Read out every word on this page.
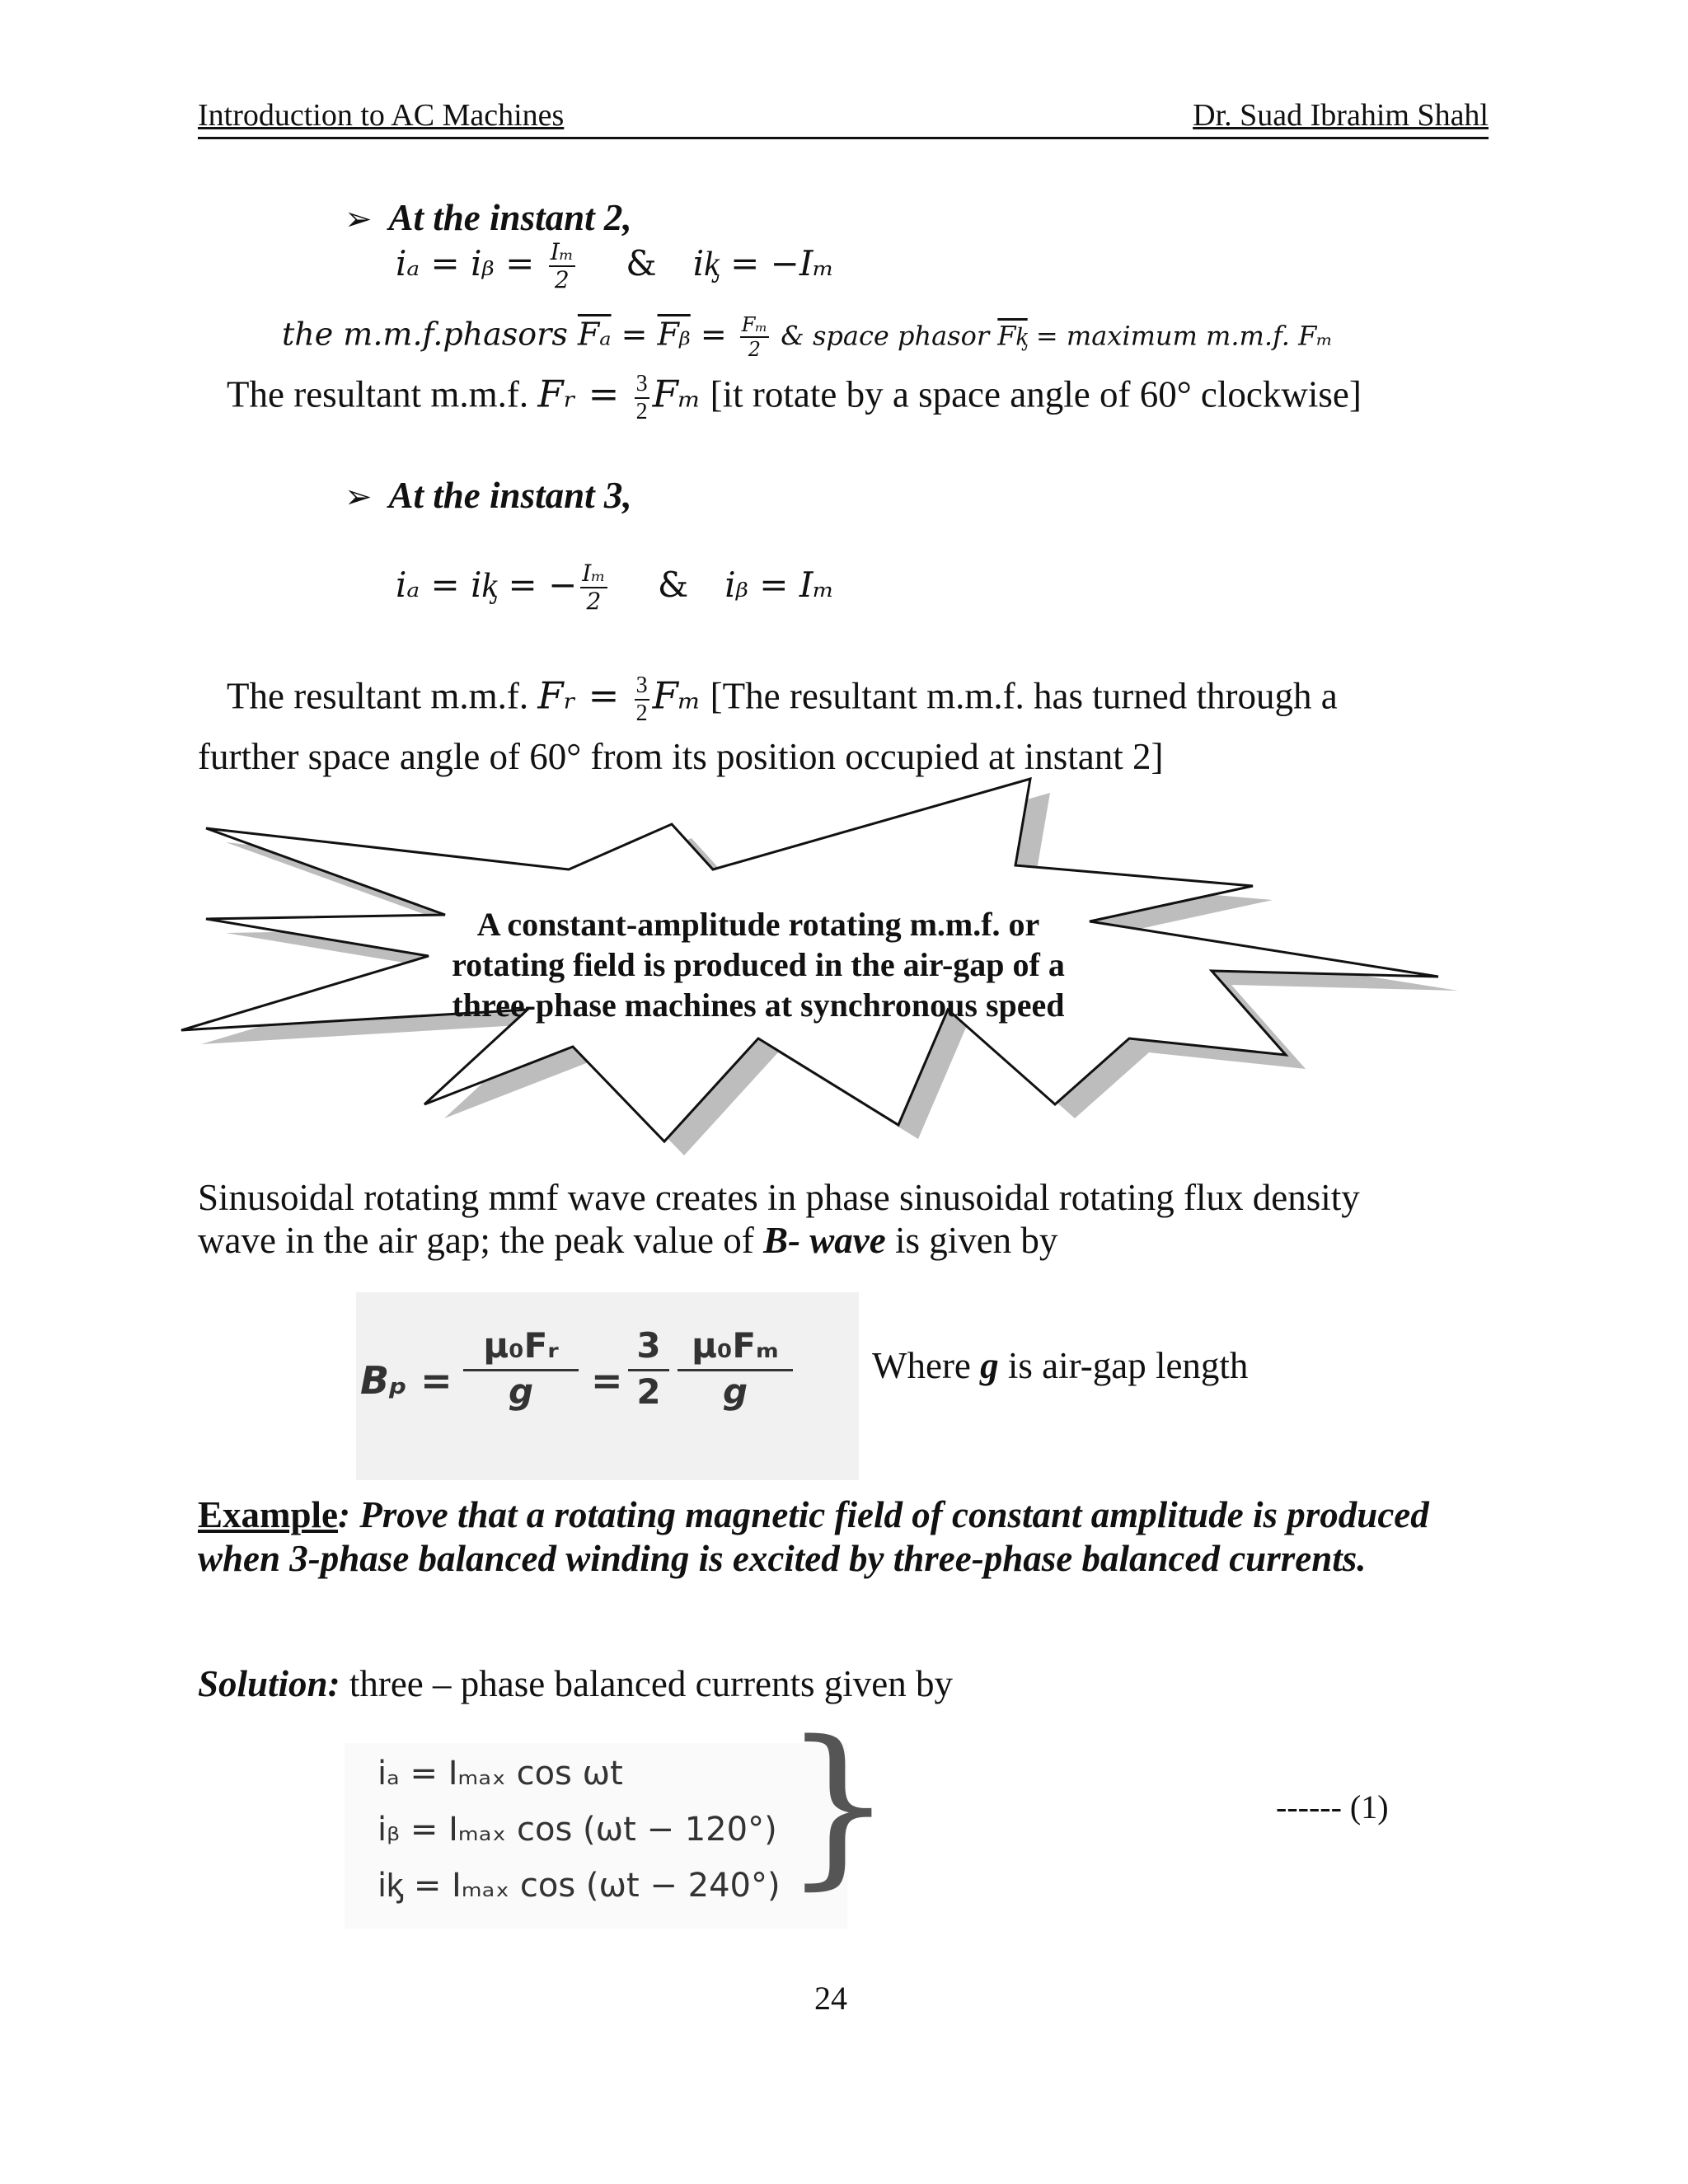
Introduction to AC Machines	Dr. Suad Ibrahim Shahl
➢ At the instant 2,
iₐ = iᵦ = $\frac{\text{Iₘ}}{2}$ & iᶄ = −Iₘ
the m.m.f.phasors $\overline{F_a} = \overline{Fᵦ} = \frac{\text{Fₘ}}{2}$ & space phasor $\overline{Fᶄ}$ = maximum m.m.f. Fₘ
The resultant m.m.f. Fᵣ = $\frac{3}{2}$ Fₘ [it rotate by a space angle of 60° clockwise]
➢ At the instant 3,
iₐ = iᶄ = − $\frac{\text{Iₘ}}{2}$ & iᵦ = Iₘ
The resultant m.m.f. Fᵣ = $\frac{3}{2}$ Fₘ [The resultant m.m.f. has turned through a
further space angle of 60° from its position occupied at instant 2]
A constant-amplitude rotating m.m.f. or
rotating field is produced in the air-gap of a
three-phase machines at synchronous speed
Sinusoidal rotating mmf wave creates in phase sinusoidal rotating flux density
wave in the air gap; the peak value of B- wave is given by
Bₚ =
μ₀Fᵣ
g	=
3
2
μ₀Fₘ
g
Where g is air-gap length
Example: Prove that a rotating magnetic field of constant amplitude is produced when 3-phase balanced winding is excited by three-phase balanced currents.
Solution: three – phase balanced currents given by
iₐ = Iₘₐₓ cos ωt
iᵦ = Iₘₐₓ cos (ωt − 120°)
iᶄ = Iₘₐₓ cos (ωt − 240°) }	------ (1)
24
